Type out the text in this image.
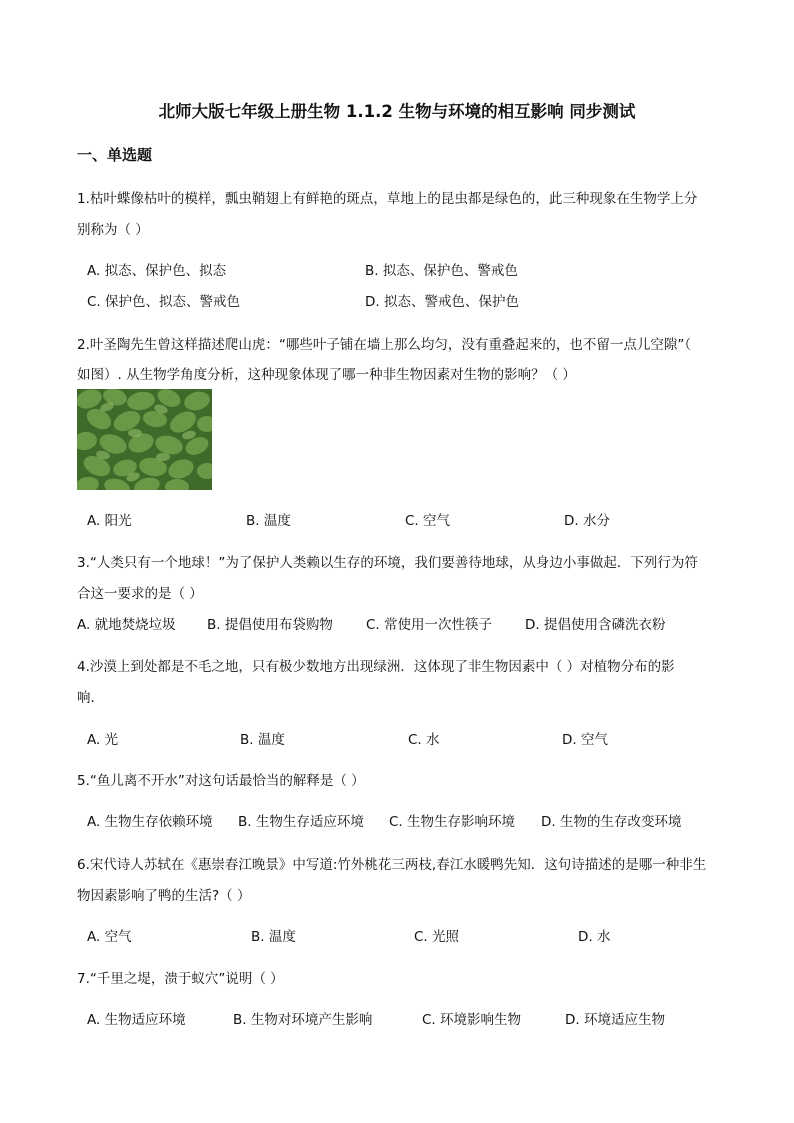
北师大版七年级上册生物 1.1.2 生物与环境的相互影响 同步测试
一、单选题
1.枯叶蝶像枯叶的模样，瓢虫鞘翅上有鲜艳的斑点，草地上的昆虫都是绿色的，此三种现象在生物学上分
别称为（ ）
A. 拟态、保护色、拟态	B. 拟态、保护色、警戒色
C. 保护色、拟态、警戒色	D. 拟态、警戒色、保护色
2.叶圣陶先生曾这样描述爬山虎：“哪些叶子铺在墙上那么均匀，没有重叠起来的，也不留一点儿空隙”（
如图）. 从生物学角度分析，这种现象体现了哪一种非生物因素对生物的影响？（ ）
A. 阳光	B. 温度	C. 空气	D. 水分
3.“人类只有一个地球！”为了保护人类赖以生存的环境，我们要善待地球，从身边小事做起．下列行为符
合这一要求的是（ ）
A. 就地焚烧垃圾 B. 提倡使用布袋购物 C. 常使用一次性筷子 D. 提倡使用含磷洗衣粉
4.沙漠上到处都是不毛之地，只有极少数地方出现绿洲．这体现了非生物因素中（ ）对植物分布的影
响．
A. 光	B. 温度	C. 水	D. 空气
5.“鱼儿离不开水”对这句话最恰当的解释是（ ）
A. 生物生存依赖环境 B. 生物生存适应环境 C. 生物生存影响环境 D. 生物的生存改变环境
6.宋代诗人苏轼在《惠崇春江晚景》中写道:竹外桃花三两枝,春江水暖鸭先知．这句诗描述的是哪一种非生
物因素影响了鸭的生活?（ ）
A. 空气	B. 温度	C. 光照	D. 水
7.“千里之堤，溃于蚁穴”说明（ ）
A. 生物适应环境	B. 生物对环境产生影响	C. 环境影响生物	D. 环境适应生物
